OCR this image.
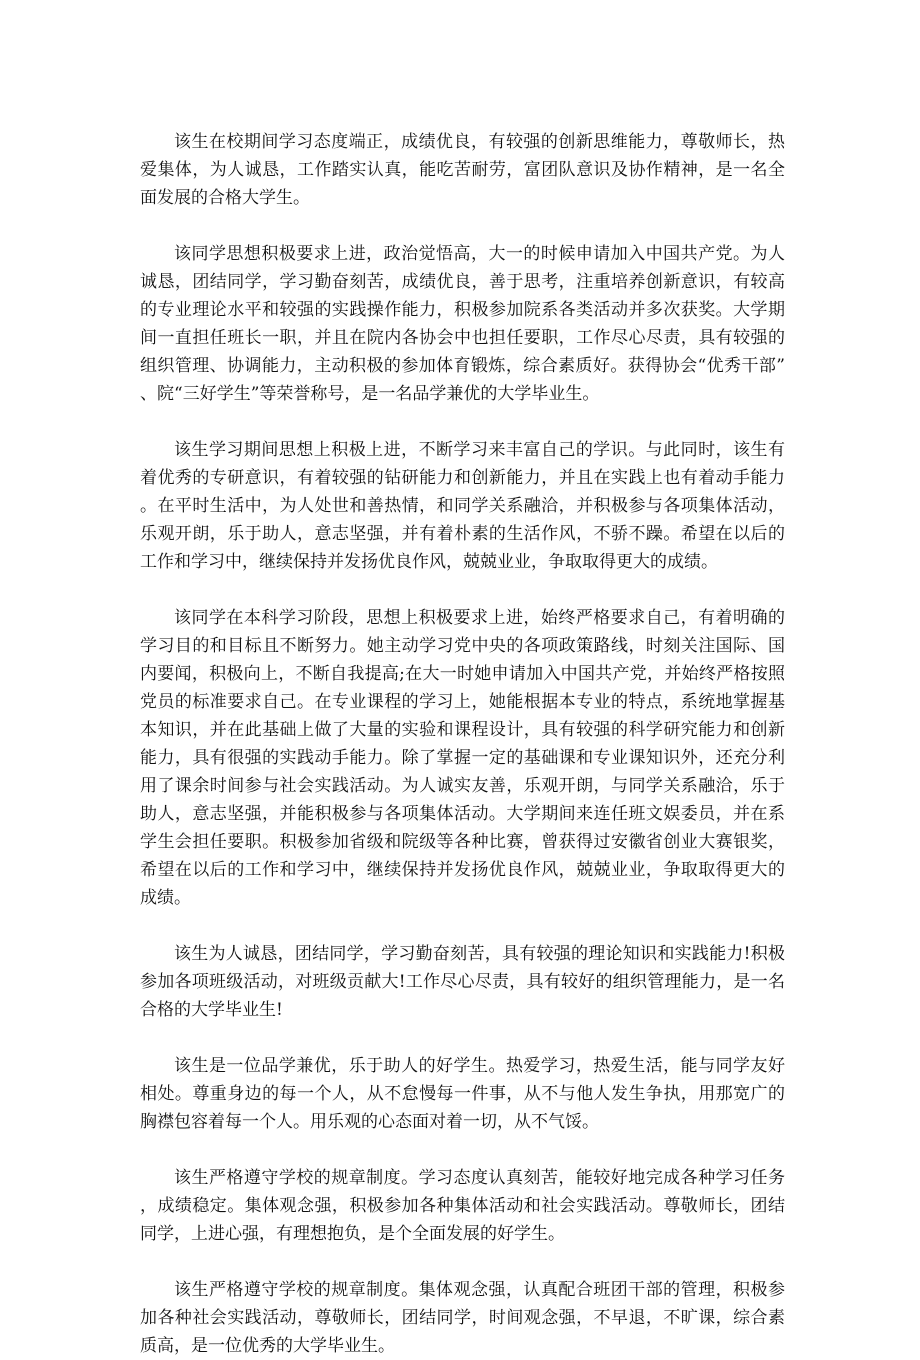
该生在校期间学习态度端正，成绩优良，有较强的创新思维能力，尊敬师长，热爱集体，为人诚恳，工作踏实认真，能吃苦耐劳，富团队意识及协作精神，是一名全面发展的合格大学生。

该同学思想积极要求上进，政治觉悟高，大一的时候申请加入中国共产党。为人诚恳，团结同学，学习勤奋刻苦，成绩优良，善于思考，注重培养创新意识，有较高的专业理论水平和较强的实践操作能力，积极参加院系各类活动并多次获奖。大学期间一直担任班长一职，并且在院内各协会中也担任要职，工作尽心尽责，具有较强的组织管理、协调能力，主动积极的参加体育锻炼，综合素质好。获得协会“优秀干部”、院“三好学生”等荣誉称号，是一名品学兼优的大学毕业生。

该生学习期间思想上积极上进，不断学习来丰富自己的学识。与此同时，该生有着优秀的专研意识，有着较强的钻研能力和创新能力，并且在实践上也有着动手能力。在平时生活中，为人处世和善热情，和同学关系融洽，并积极参与各项集体活动，乐观开朗，乐于助人，意志坚强，并有着朴素的生活作风，不骄不躁。希望在以后的工作和学习中，继续保持并发扬优良作风，兢兢业业，争取取得更大的成绩。

该同学在本科学习阶段，思想上积极要求上进，始终严格要求自己，有着明确的学习目的和目标且不断努力。她主动学习党中央的各项政策路线，时刻关注国际、国内要闻，积极向上，不断自我提高;在大一时她申请加入中国共产党，并始终严格按照党员的标准要求自己。在专业课程的学习上，她能根据本专业的特点，系统地掌握基本知识，并在此基础上做了大量的实验和课程设计，具有较强的科学研究能力和创新能力，具有很强的实践动手能力。除了掌握一定的基础课和专业课知识外，还充分利用了课余时间参与社会实践活动。为人诚实友善，乐观开朗，与同学关系融洽，乐于助人，意志坚强，并能积极参与各项集体活动。大学期间来连任班文娱委员，并在系学生会担任要职。积极参加省级和院级等各种比赛，曾获得过安徽省创业大赛银奖，希望在以后的工作和学习中，继续保持并发扬优良作风，兢兢业业，争取取得更大的成绩。

该生为人诚恳，团结同学，学习勤奋刻苦，具有较强的理论知识和实践能力!积极参加各项班级活动，对班级贡献大!工作尽心尽责，具有较好的组织管理能力，是一名合格的大学毕业生!

该生是一位品学兼优，乐于助人的好学生。热爱学习，热爱生活，能与同学友好相处。尊重身边的每一个人，从不怠慢每一件事，从不与他人发生争执，用那宽广的胸襟包容着每一个人。用乐观的心态面对着一切，从不气馁。

该生严格遵守学校的规章制度。学习态度认真刻苦，能较好地完成各种学习任务，成绩稳定。集体观念强，积极参加各种集体活动和社会实践活动。尊敬师长，团结同学，上进心强，有理想抱负，是个全面发展的好学生。

该生严格遵守学校的规章制度。集体观念强，认真配合班团干部的管理，积极参加各种社会实践活动，尊敬师长，团结同学，时间观念强，不早退，不旷课，综合素质高，是一位优秀的大学毕业生。
